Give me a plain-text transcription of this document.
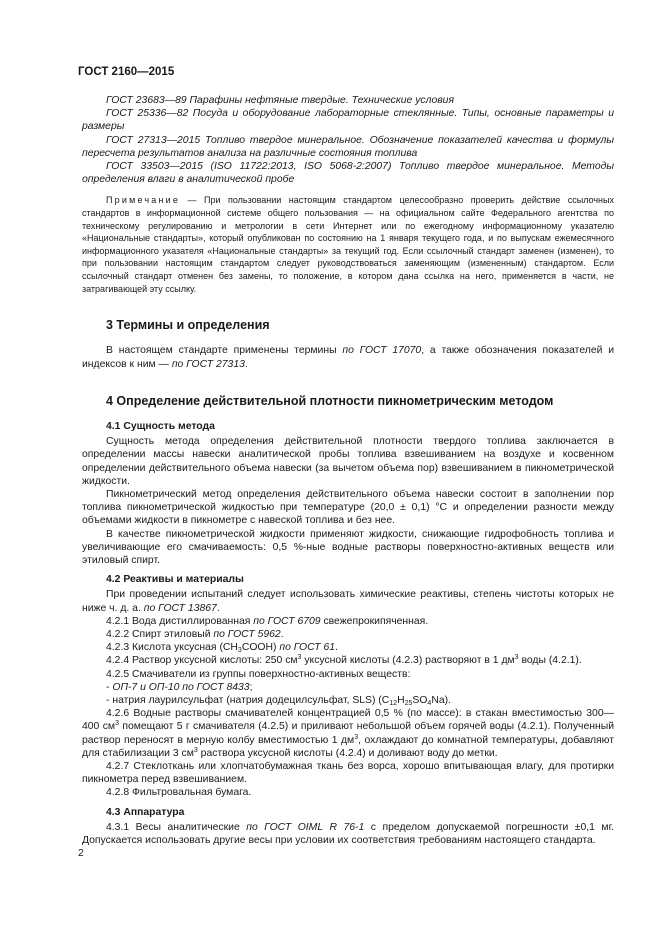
ГОСТ 2160—2015

ГОСТ 23683—89 Парафины нефтяные твердые. Технические условия

ГОСТ 25336—82 Посуда и оборудование лабораторные стеклянные. Типы, основные параметры и размеры

ГОСТ 27313—2015 Топливо твердое минеральное. Обозначение показателей качества и формулы пересчета результатов анализа на различные состояния топлива

ГОСТ 33503—2015 (ISO 11722:2013, ISO 5068-2:2007) Топливо твердое минеральное. Методы определения влаги в аналитической пробе

Примечание — При пользовании настоящим стандартом целесообразно проверить действие ссылочных стандартов в информационной системе общего пользования — на официальном сайте Федерального агентства по техническому регулированию и метрологии в сети Интернет или по ежегодному информационному указателю «Национальные стандарты», который опубликован по состоянию на 1 января текущего года, и по выпускам ежемесячного информационного указателя «Национальные стандарты» за текущий год. Если ссылочный стандарт заменен (изменен), то при пользовании настоящим стандартом следует руководствоваться заменяющим (измененным) стандартом. Если ссылочный стандарт отменен без замены, то положение, в котором дана ссылка на него, применяется в части, не затрагивающей эту ссылку.

3 Термины и определения

В настоящем стандарте применены термины по ГОСТ 17070, а также обозначения показателей и индексов к ним — по ГОСТ 27313.

4 Определение действительной плотности пикнометрическим методом
4.1 Сущность метода

Сущность метода определения действительной плотности твердого топлива заключается в определении массы навески аналитической пробы топлива взвешиванием на воздухе и косвенном определении действительного объема навески (за вычетом объема пор) взвешиванием в пикнометрической жидкости.

Пикнометрический метод определения действительного объема навески состоит в заполнении пор топлива пикнометрической жидкостью при температуре (20,0 ± 0,1) °С и определении разности между объемами жидкости в пикнометре с навеской топлива и без нее.

В качестве пикнометрической жидкости применяют жидкости, снижающие гидрофобность топлива и увеличивающие его смачиваемость: 0,5 %-ные водные растворы поверхностно-активных веществ или этиловый спирт.

4.2 Реактивы и материалы

При проведении испытаний следует использовать химические реактивы, степень чистоты которых не ниже ч. д. а. по ГОСТ 13867.

4.2.1 Вода дистиллированная по ГОСТ 6709 свежепрокипяченная.

4.2.2 Спирт этиловый по ГОСТ 5962.

4.2.3 Кислота уксусная $(CH_3COOH)$ по ГОСТ 61.

4.2.4 Раствор уксусной кислоты: 250 $см^3$ уксусной кислоты (4.2.3) растворяют в 1 $дм^3$ воды (4.2.1).

4.2.5 Смачиватели из группы поверхностно-активных веществ:

- ОП-7 и ОП-10 по ГОСТ 8433;

- натрия лаурилсульфат (натрия додецилсульфат, SLS) $(C_{12}H_{25}SO_4Na)$.

4.2.6 Водные растворы смачивателей концентрацией 0,5 % (по массе): в стакан вместимостью 300—400 $см^3$ помещают 5 г смачивателя (4.2.5) и приливают небольшой объем горячей воды (4.2.1). Полученный раствор переносят в мерную колбу вместимостью 1 $дм^3$, охлаждают до комнатной температуры, добавляют для стабилизации 3 $см^3$ раствора уксусной кислоты (4.2.4) и доливают воду до метки.

4.2.7 Стеклоткань или хлопчатобумажная ткань без ворса, хорошо впитывающая влагу, для протирки пикнометра перед взвешиванием.

4.2.8 Фильтровальная бумага.

4.3 Аппаратура

4.3.1 Весы аналитические по ГОСТ OIML R 76-1 с пределом допускаемой погрешности ±0,1 мг. Допускается использовать другие весы при условии их соответствия требованиям настоящего стандарта.

2
